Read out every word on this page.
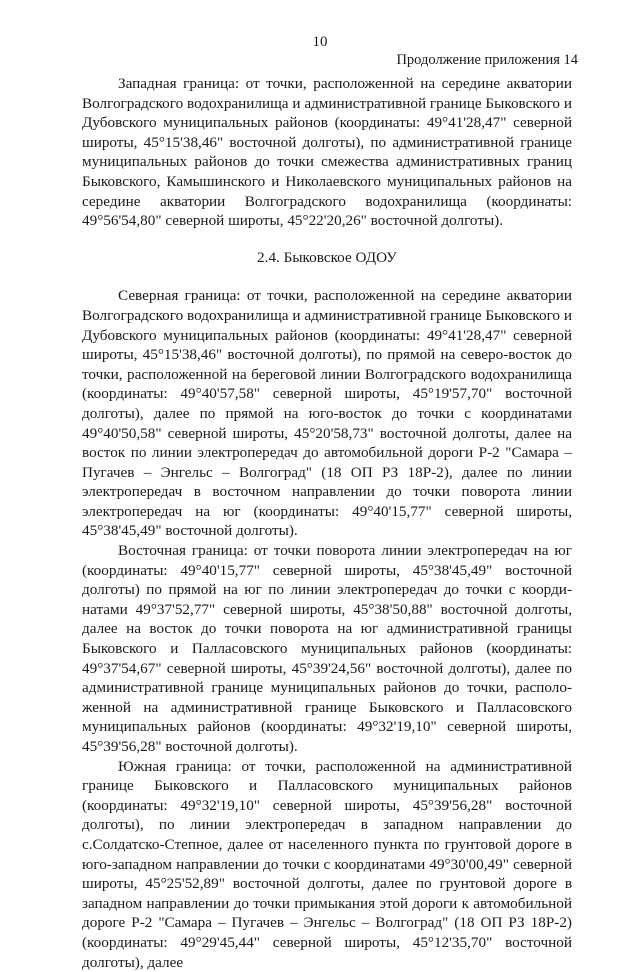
10
Продолжение приложения 14

Западная граница: от точки, расположенной на середине акватории Волгоградского водохранилища и административной границе Быковского и Дубовского муниципальных районов (координаты: 49°41'28,47" северной широты, 45°15'38,46" восточной долготы), по административной границе муниципальных районов до точки смежества административных границ Быковского, Камышинского и Николаевского муниципальных районов на середине акватории Волгоградского водохранилища (координаты: 49°56'54,80" северной широты, 45°22'20,26" восточной долготы).

2.4. Быковское ОДОУ

Северная граница: от точки, расположенной на середине акватории Волгоградского водохранилища и административной границе Быковского и Дубовского муниципальных районов (координаты: 49°41'28,47" северной широты, 45°15'38,46" восточной долготы), по прямой на северо-восток до точки, расположенной на береговой линии Волгоградского водохранилища (координаты: 49°40'57,58" северной широты, 45°19'57,70" восточной долготы), далее по прямой на юго-восток до точки с координатами 49°40'50,58" северной широты, 45°20'58,73" восточной долготы, далее на восток по линии электропередач до автомобильной дороги Р-2 "Самара – Пугачев – Энгельс – Волгоград" (18 ОП РЗ 18Р-2), далее по линии электропередач в восточном направлении до точки поворота линии электропередач на юг (координаты: 49°40'15,77" северной широты, 45°38'45,49" восточной долготы).

Восточная граница: от точки поворота линии электропередач на юг (координаты: 49°40'15,77" северной широты, 45°38'45,49" восточной долготы) по прямой на юг по линии электропередач до точки с координатами 49°37'52,77" северной широты, 45°38'50,88" восточной долготы, далее на восток до точки поворота на юг административной границы Быковского и Палласовского муниципальных районов (координаты: 49°37'54,67" северной широты, 45°39'24,56" восточной долготы), далее по административной границе муниципальных районов до точки, расположенной на административной границе Быковского и Палласовского муниципальных районов (координаты: 49°32'19,10" северной широты, 45°39'56,28" восточной долготы).

Южная граница: от точки, расположенной на административной границе Быковского и Палласовского муниципальных районов (координаты: 49°32'19,10" северной широты, 45°39'56,28" восточной долготы), по линии электропередач в западном направлении до с.Солдатско-Степное, далее от населенного пункта по грунтовой дороге в юго-западном направлении до точки с координатами 49°30'00,49" северной широты, 45°25'52,89" восточной долготы, далее по грунтовой дороге в западном направлении до точки примыкания этой дороги к автомобильной дороге Р-2 "Самара – Пугачев – Энгельс – Волгоград" (18 ОП РЗ 18Р-2) (координаты: 49°29'45,44" северной широты, 45°12'35,70" восточной долготы), далее
